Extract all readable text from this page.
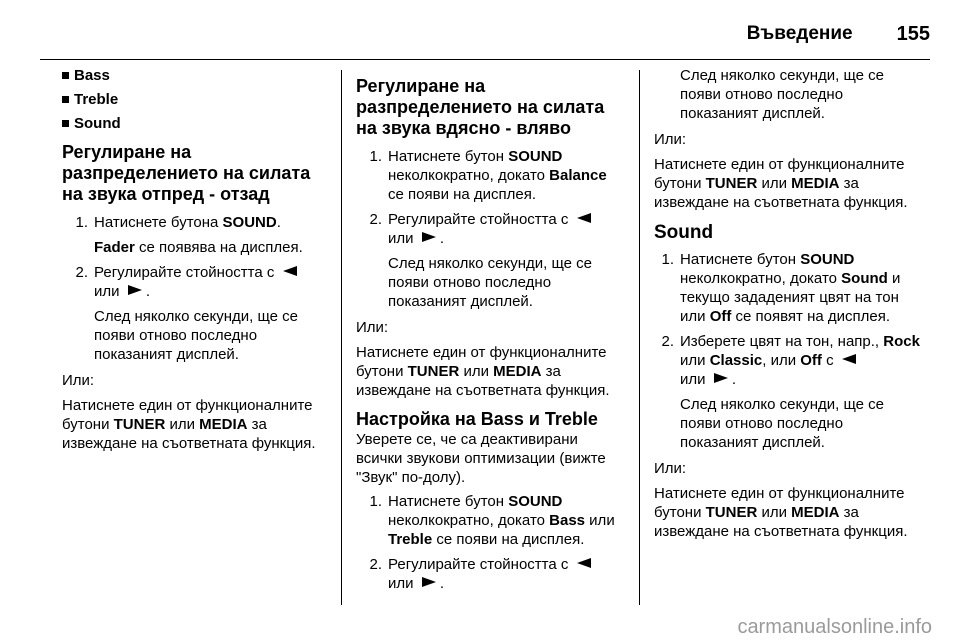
Въведение 155
Bass
Treble
Sound
Регулиране на разпределението на силата на звука отпред - отзад
1. Натиснете бутона SOUND.

Fader се появява на дисплея.

2. Регулирайте стойността с
или  .

След няколко секунди, ще се появи отново последно показаният дисплей.

Или:

Натиснете един от функционалните бутони TUNER или MEDIA за извеждане на съответната функция.

Регулиране на разпределението на силата на звука вдясно - вляво
1. Натиснете бутон SOUND неколкократно, докато Balance се появи на дисплея.
2. Регулирайте стойността с
или  .

След няколко секунди, ще се появи отново последно показаният дисплей.

Или:

Натиснете един от функционалните бутони TUNER или MEDIA за извеждане на съответната функция.

Настройка на Bass и Treble

Уверете се, че са деактивирани всички звукови оптимизации (вижте "Звук" по-долу).

1. Натиснете бутон SOUND неколкократно, докато Bass или Treble се появи на дисплея.
2. Регулирайте стойността с
или  .

След няколко секунди, ще се появи отново последно показаният дисплей.

Или:

Натиснете един от функционалните бутони TUNER или MEDIA за извеждане на съответната функция.

Sound
1. Натиснете бутон SOUND неколкократно, докато Sound и текущо зададеният цвят на тон или Off се появят на дисплея.
2. Изберете цвят на тон, напр., Rock или Classic, или Off с
или  .

След няколко секунди, ще се появи отново последно показаният дисплей.

Или:

Натиснете един от функционалните бутони TUNER или MEDIA за извеждане на съответната функция.

carmanualsonline.info
